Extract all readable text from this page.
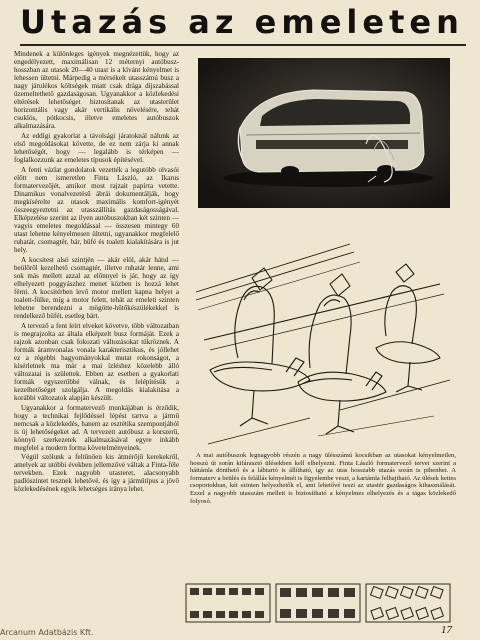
Utazás az emeleten

Mindenek a különleges igények megnézettük, hogy az engedélyezett, maximálisan 12 méternyi autóbusz-hosszban az utasok 20—40 utast is a kívánt kényelmet is lehessen ültetni. Márpedig a mérsékelt utasszámú busz a nagy járulékos költségek miatt csak drága díjszabással üzemeltethető gazdaságosan. Ugyanakkor a közlekedési eltérések lehetőséget biztosítanak az utasterület horizontális vagy akár vertikális növelésére, tehát csuklós, pótkocsis, illetve emeletes autóbuszok alkalmazására.

Az eddigi gyakorlat a távolsági járatoknál nálunk az első megoldásokat követte, de ez nem zárja ki annak lehetőségét, hogy — legalább is térképen — foglalkozzunk az emeletes típusok építésével.

A fenti vázlat gondolatok vezették a legutóbb olvasói előtt nem ismeretlen Finta László, az Ikarus formatervezőjét, amikor most rajzait papírra vetette. Dinamikus vonalvezetésű ábrái dokumentálják, hogy megkísérelte az utasok maximális komfort-igényét összeegyeztetni az utasszállítás gazdaságosságával. Elképzelése szerint az ilyen autóbuszokban két szinten — vagyis emeletes megoldással — összesen mintegy 60 utast lehetne kényelmesen ültetni, ugyanakkor megfelelő ruhatár, csomagtér, bár, büfé és toalett kialakítására is jut hely.

A kocsitest alsó szintjén — akár elöl, akár hátul — beülőről kezelhető csomagtér, illetve ruhatár lenne, ami sok más mellett azzal az előnnyel is jár, hogy az így elhelyezett poggyászhez menet közben is hozzá lehet férni. A kocsitérben levő motor mellett kapna helyet a toalett-fülke, míg a motor felett, tehát az emeleti szinten lehetne berendezni a mögötte-hűtőkészülékekkel is rendelkező büfét, esetleg bárt.

A tervező a fent leírt elveket követve, több változatban is megrajzolta az általa elképzelt busz formáját. Ezek a rajzok azonban csak fokozati változásokat tükröznek. A formák áramvonalas vonala karakterisztikus, és jóllehet ez a régebbi hagyományokkal mutat rokonságot, a kísérletnek ma már a mai ízléshez közelebb álló változatai is születtek. Ebben az esetben a gyakorlati formák egyszerűbbé válnak, és felépítésük a kezelhetőséget szolgálja. A megoldás kialakítása a korábbi változatok alapján készült.

Ugyanakkor a formatervező munkájában is érződik, hogy a technikai fejlődéssel lépést tartva a jármű nemcsak a közlekedés, hanem az esztétika szempontjából is új lehetőségeket ad. A tervezett autóbusz a korszerű, könnyű szerkezetek alkalmazásával egyre inkább megfelel a modern forma követelményeinek.

Végül szólunk a feltűnően kis átmérőjű kerekekről, amelyek az utóbbi években jellemzővé váltak a Finta-féle tervekben. Ezek nagyobb utasteret, alacsonyabb padlószintet tesznek lehetővé, és így a járműtípus a jövő közlekedésének egyik lehetséges iránya lehet.

A mai autóbuszok legnagyobb részén a nagy ülésszámú kocsikban az utasokat kényelmetlen, hosszú út során kifárasztó ülésekben kell elhelyezni. Finta László formatervező tervei szerint a háttámla dönthető és a lábtartó is állítható, így az utas hosszabb utazás során is pihenhet. A formaterv a beülés és felállás kényelmét is figyelembe veszi, a kartámla felhajtható. Az ülések kettes csoportokban, két szinten helyezhetők el, ami lehetővé teszi az utastér gazdaságos kihasználását. Ezzel a nagyobb utasszám mellett is biztosítható a kényelmes elhelyezés és a tágas közlekedő folyosó.

17

Arcanum Adatbázis Kft.
